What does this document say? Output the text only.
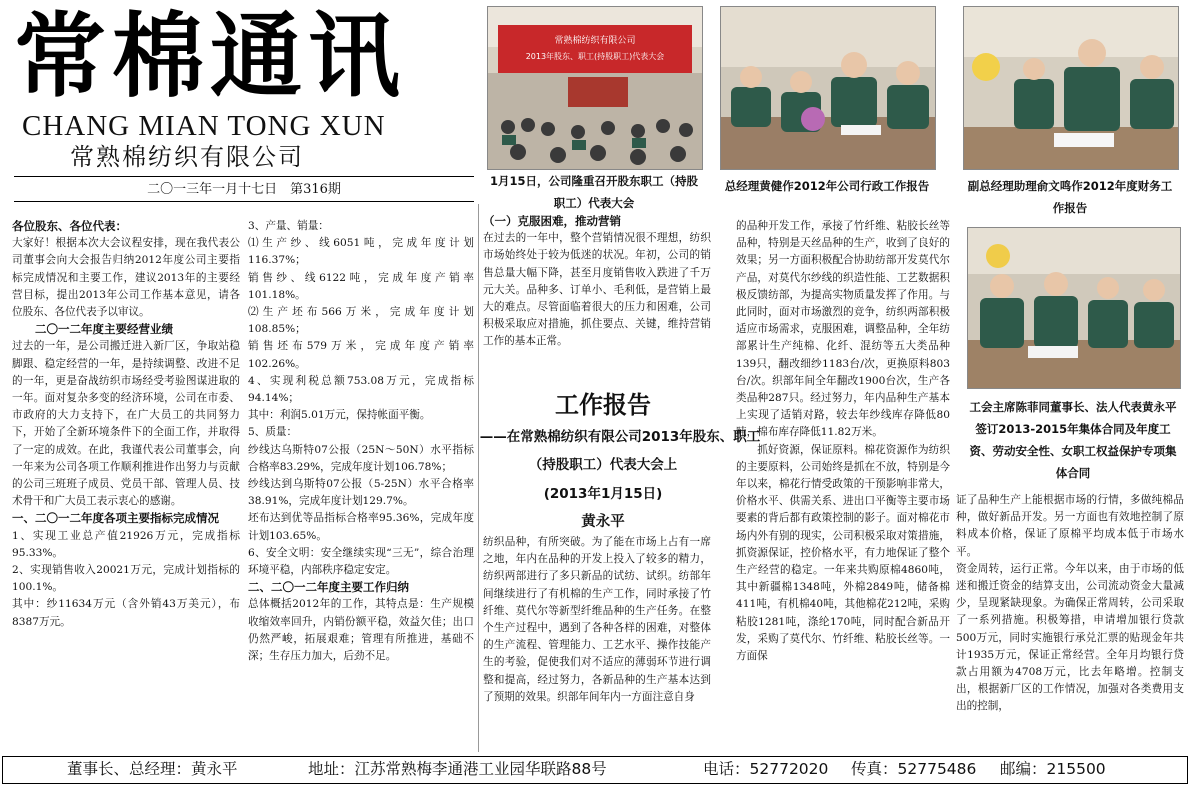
常棉通讯
CHANG MIAN TONG XUN
常熟棉纺织有限公司
二〇一三年一月十七日　第316期
常熟棉纺织有限公司
2013年股东、职工(持股职工)代表大会
1月15日，公司隆重召开股东职工（持股职工）代表大会
总经理黄健作2012年公司行政工作报告	副总经理助理俞文鸣作2012年度财务工作报告
工会主席陈菲同董事长、法人代表黄永平签订2013-2015年集体合同及年度工资、劳动安全性、女职工权益保护专项集体合同

各位股东、各位代表：

大家好！根据本次大会议程安排，现在我代表公司董事会向大会报告归纳2012年度公司主要指标完成情况和主要工作，建议2013年的主要经营目标，提出2013年公司工作基本意见，请各位股东、各位代表予以审议。

二〇一二年度主要经营业绩

过去的一年，是公司搬迁进入新厂区，争取站稳脚跟、稳定经营的一年，是持续调整、改进不足的一年，更是奋战纺织市场经受考验图谋进取的一年。面对复杂多变的经济环境，公司在市委、市政府的大力支持下，在广大员工的共同努力下，开始了全新环境条件下的全面工作，并取得了一定的成效。在此，我谨代表公司董事会，向一年来为公司各项工作顺利推进作出努力与贡献的公司三班班子成员、党员干部、管理人员、技术骨干和广大员工表示衷心的感谢。

一、二〇一二年度各项主要指标完成情况

1、实现工业总产值21926万元，完成指标95.33%。

2、实现销售收入20021万元，完成计划指标的100.1%。

其中：纱11634万元（含外销43万美元），布8387万元。

3、产量、销量：

⑴生产纱、线6051吨，完成年度计划116.37%；

销售纱、线6122吨，完成年度产销率101.18%。

⑵生产坯布566万米，完成年度计划108.85%；

销售坯布579万米，完成年度产销率102.26%。

4、实现利税总额753.08万元，完成指标94.14%；

其中：利润5.01万元，保持帐面平衡。

5、质量：

纱线达乌斯特07公报（25N～50N）水平指标合格率83.29%，完成年度计划106.78%；

纱线达到乌斯特07公报（5-25N）水平合格率38.91%，完成年度计划129.7%。

坯布达到优等品指标合格率95.36%，完成年度计划103.65%。

6、安全文明：安全继续实现“三无”，综合治理环境平稳，内部秩序稳定安定。

二、二〇一二年度主要工作归纳

总体概括2012年的工作，其特点是：生产规模收缩效率回升，内销份额平稳，效益欠佳；出口仍然严峻，拓展艰难；管理有所推进，基础不深；生存压力加大，后劲不足。

（一）克服困难，推动营销

在过去的一年中，整个营销情况很不理想，纺织市场始终处于较为低迷的状况。年初，公司的销售总量大幅下降，甚至月度销售收入跌进了千万元大关。品种多、订单小、毛利低，是营销上最大的难点。尽管面临着很大的压力和困难，公司积极采取应对措施，抓住要点、关键，维持营销工作的基本正常。

工作报告
——在常熟棉纺织有限公司2013年股东、职工
（持股职工）代表大会上
(2013年1月15日)
黄永平

纺织品种，有所突破。为了能在市场上占有一席之地，年内在品种的开发上投入了较多的精力，纺织两部进行了多只新品的试纺、试织。纺部年间继续进行了有机棉的生产工作，同时承接了竹纤维、莫代尔等新型纤维品种的生产任务。在整个生产过程中，遇到了各种各样的困难，对整体的生产流程、管理能力、工艺水平、操作技能产生的考验，促使我们对不适应的薄弱环节进行调整和提高，经过努力，各新品种的生产基本达到了预期的效果。织部年间年内一方面注意自身

的品种开发工作，承接了竹纤维、粘胶长丝等品种，特别是天丝品种的生产，收到了良好的效果；另一方面积极配合协助纺部开发莫代尔产品，对莫代尔纱线的织造性能、工艺数据积极反馈纺部，为提高实物质量发挥了作用。与此同时，面对市场激烈的竞争，纺织两部积极适应市场需求，克服困难，调整品种，全年纺部累计生产纯棉、化纤、混纺等五大类品种139只，翻改细纱1183台/次，更换原料803台/次。织部年间全年翻改1900台次，生产各类品种287只。经过努力，年内品种生产基本上实现了适销对路，较去年纱线库存降低80吨，棉布库存降低11.82万米。

抓好资源，保证原料。棉花资源作为纺织的主要原料，公司始终是抓在不放，特别是今年以来，棉花行情受政策的干预影响非常大，价格水平、供需关系、进出口平衡等主要市场要素的背后都有政策控制的影子。面对棉花市场内外有别的现实，公司积极采取对策措施，抓资源保证，控价格水平，有力地保证了整个生产经营的稳定。一年来共购原棉4860吨，其中新疆棉1348吨，外棉2849吨，储备棉411吨，有机棉40吨，其他棉花212吨，采购粘胶1281吨，涤纶170吨，同时配合新品开发，采购了莫代尔、竹纤维、粘胶长丝等。一方面保

证了品种生产上能根据市场的行情，多做纯棉品种，做好新品开发。另一方面也有效地控制了原料成本价格，保证了原棉平均成本低于市场水平。

资金周转，运行正常。今年以来，由于市场的低迷和搬迁资金的结算支出，公司流动资金大量减少，呈现紧缺现象。为确保正常周转，公司采取了一系列措施。积极筹措，申请增加银行贷款500万元，同时实施银行承兑汇票的贴现金年共计1935万元，保证正常经营。全年月均银行贷款占用额为4708万元，比去年略增。控制支出，根据新厂区的工作情况，加强对各类费用支出的控制，

董事长、总经理：黄永平	地址：江苏常熟梅李通港工业园华联路88号	电话：52772020 传真：52775486 邮编：215500
